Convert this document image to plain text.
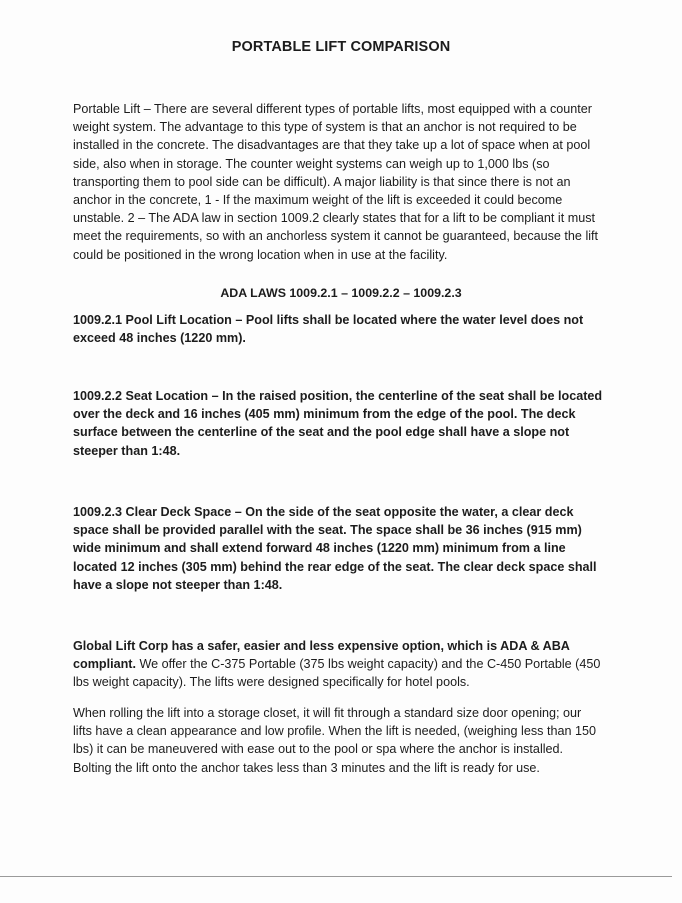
PORTABLE LIFT COMPARISON
Portable Lift – There are several different types of portable lifts, most equipped with a counter weight system. The advantage to this type of system is that an anchor is not required to be installed in the concrete. The disadvantages are that they take up a lot of space when at pool side, also when in storage. The counter weight systems can weigh up to 1,000 lbs (so transporting them to pool side can be difficult). A major liability is that since there is not an anchor in the concrete, 1 - If the maximum weight of the lift is exceeded it could become unstable. 2 – The ADA law in section 1009.2 clearly states that for a lift to be compliant it must meet the requirements, so with an anchorless system it cannot be guaranteed, because the lift could be positioned in the wrong location when in use at the facility.
ADA LAWS 1009.2.1 – 1009.2.2 – 1009.2.3
1009.2.1 Pool Lift Location – Pool lifts shall be located where the water level does not exceed 48 inches (1220 mm).
1009.2.2 Seat Location – In the raised position, the centerline of the seat shall be located over the deck and 16 inches (405 mm) minimum from the edge of the pool. The deck surface between the centerline of the seat and the pool edge shall have a slope not steeper than 1:48.
1009.2.3 Clear Deck Space – On the side of the seat opposite the water, a clear deck space shall be provided parallel with the seat. The space shall be 36 inches (915 mm) wide minimum and shall extend forward 48 inches (1220 mm) minimum from a line located 12 inches (305 mm) behind the rear edge of the seat. The clear deck space shall have a slope not steeper than 1:48.
Global Lift Corp has a safer, easier and less expensive option, which is ADA & ABA compliant. We offer the C-375 Portable (375 lbs weight capacity) and the C-450 Portable (450 lbs weight capacity). The lifts were designed specifically for hotel pools.
When rolling the lift into a storage closet, it will fit through a standard size door opening; our lifts have a clean appearance and low profile. When the lift is needed, (weighing less than 150 lbs) it can be maneuvered with ease out to the pool or spa where the anchor is installed. Bolting the lift onto the anchor takes less than 3 minutes and the lift is ready for use.
